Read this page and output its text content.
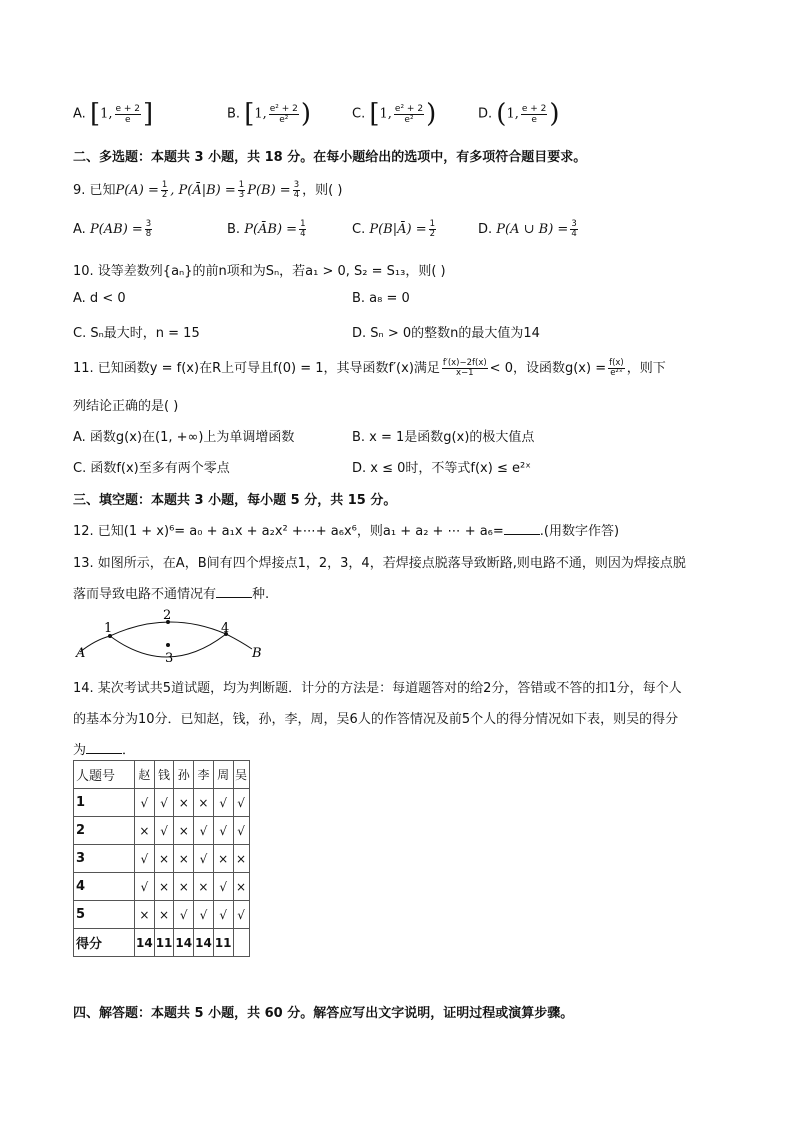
A. [1, $\frac{e + 2}{e}$ ]	B. [1, $\frac{\text{e² + 2}}{\text{e²}}$ )	C. [1, $\frac{\text{e² + 2}}{\text{e²}}$ )	D. (1, $\frac{e + 2}{e}$ )
二、多选题：本题共 3 小题，共 18 分。在每小题给出的选项中，有多项符合题目要求。
9. 已知$P(A) = \frac{1}{2}$ , P(Ā|B) = $\frac{1}{3} P(B) = \frac{3}{4}$ ，则( )
A. $P(AB) = \frac{3}{8}$	B. P(ĀB) = $\frac{1}{4}$	C. P(B|Ā) = $\frac{1}{2}$	D. P(A ∪ $B) = \frac{3}{4}$
10. 设等差数列{aₙ}的前n项和为Sₙ，若a₁ > 0, S₂ = S₁₃，则( )
A. d < 0	B. a₈ = 0
C. Sₙ最大时，n = 15	D. Sₙ > 0的整数n的最大值为14
11. 已知函数y = f(x)在R上可导且f(0) = 1，其导函数f′(x)满足 $\frac{f'(x)-2f(x)}{x-1} < 0$，设函数$g(x) = \frac{f(x)}{\text{e²ˣ}}$ ，则下
列结论正确的是( )
A. 函数g(x)在(1, +∞)上为单调增函数	B. x = 1是函数g(x)的极大值点
C. 函数f(x)至多有两个零点	D. x ≤ 0时，不等式f(x) ≤ e²ˣ
三、填空题：本题共 3 小题，每小题 5 分，共 15 分。
12. 已知(1 + x)⁶= a₀ + a₁x + a₂x² +⋯+ a₆x⁶，则a₁ + a₂ + ⋯ + a₆=	.(用数字作答)
13. 如图所示，在A，B间有四个焊接点1，2，3，4，若焊接点脱落导致断路,则电路不通，则因为焊接点脱
落而导致电路不通情况有	种.
A	B
1
2
3
4
14. 某次考试共5道试题，均为判断题．计分的方法是：每道题答对的给2分，答错或不答的扣1分，每个人
的基本分为10分．已知赵，钱，孙，李，周，吴6人的作答情况及前5个人的得分情况如下表，则吴的得分
为	．
人题号	赵	钱	孙	李	周	吴
1	√	√	×	×	√	√
2	×	√	×	√	√	√
3	√	×	×	√	×	×
4	√	×	×	×	√	×
5	×	×	√	√	√	√
得分	14	11	14	14	11	
四、解答题：本题共 5 小题，共 60 分。解答应写出文字说明，证明过程或演算步骤。
